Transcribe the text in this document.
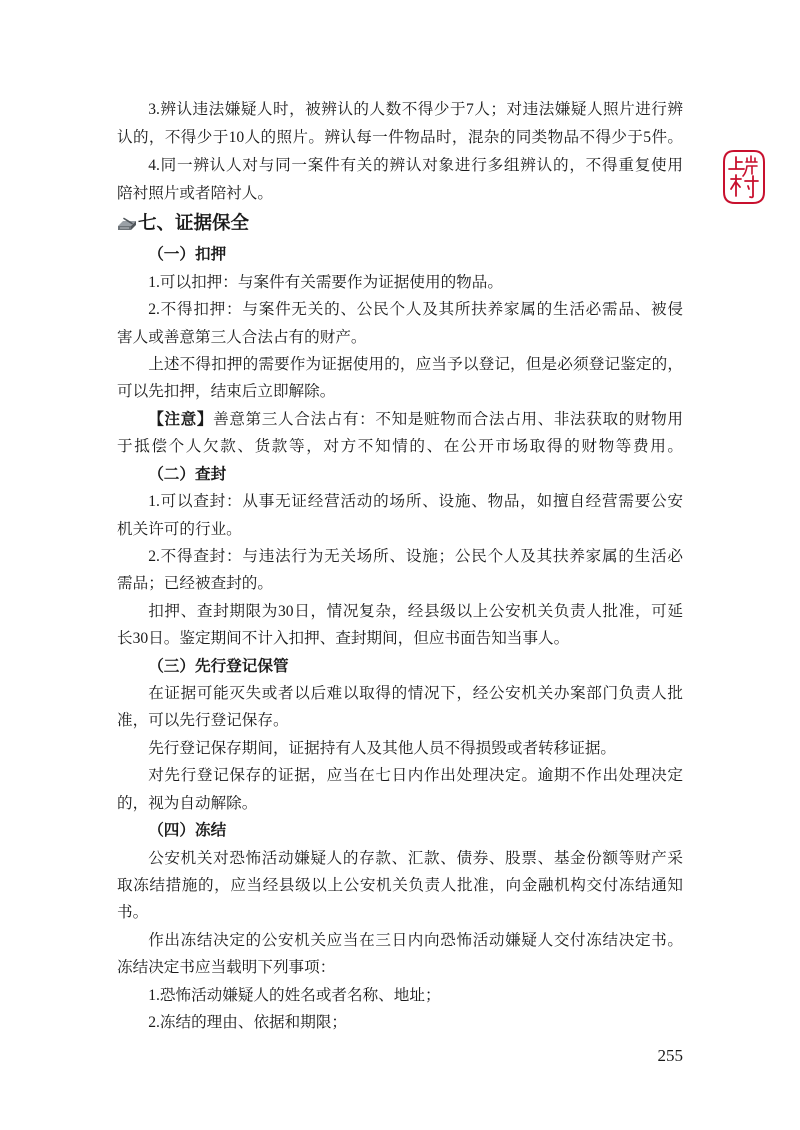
3.辨认违法嫌疑人时，被辨认的人数不得少于7人；对违法嫌疑人照片进行辨
认的，不得少于10人的照片。辨认每一件物品时，混杂的同类物品不得少于5件。
4.同一辨认人对与同一案件有关的辨认对象进行多组辨认的，不得重复使用
陪衬照片或者陪衬人。
七、证据保全
（一）扣押
1.可以扣押：与案件有关需要作为证据使用的物品。
2.不得扣押：与案件无关的、公民个人及其所扶养家属的生活必需品、被侵
害人或善意第三人合法占有的财产。
上述不得扣押的需要作为证据使用的，应当予以登记，但是必须登记鉴定的，
可以先扣押，结束后立即解除。
【注意】善意第三人合法占有：不知是赃物而合法占用、非法获取的财物用
于抵偿个人欠款、货款等，对方不知情的、在公开市场取得的财物等费用。
（二）查封
1.可以查封：从事无证经营活动的场所、设施、物品，如擅自经营需要公安
机关许可的行业。
2.不得查封：与违法行为无关场所、设施；公民个人及其扶养家属的生活必
需品；已经被查封的。
扣押、查封期限为30日，情况复杂，经县级以上公安机关负责人批准，可延
长30日。鉴定期间不计入扣押、查封期间，但应书面告知当事人。
（三）先行登记保管
在证据可能灭失或者以后难以取得的情况下，经公安机关办案部门负责人批
准，可以先行登记保存。
先行登记保存期间，证据持有人及其他人员不得损毁或者转移证据。
对先行登记保存的证据，应当在七日内作出处理决定。逾期不作出处理决定
的，视为自动解除。
（四）冻结
公安机关对恐怖活动嫌疑人的存款、汇款、债券、股票、基金份额等财产采
取冻结措施的，应当经县级以上公安机关负责人批准，向金融机构交付冻结通知
书。
作出冻结决定的公安机关应当在三日内向恐怖活动嫌疑人交付冻结决定书。
冻结决定书应当载明下列事项：
1.恐怖活动嫌疑人的姓名或者名称、地址；
2.冻结的理由、依据和期限；
255
